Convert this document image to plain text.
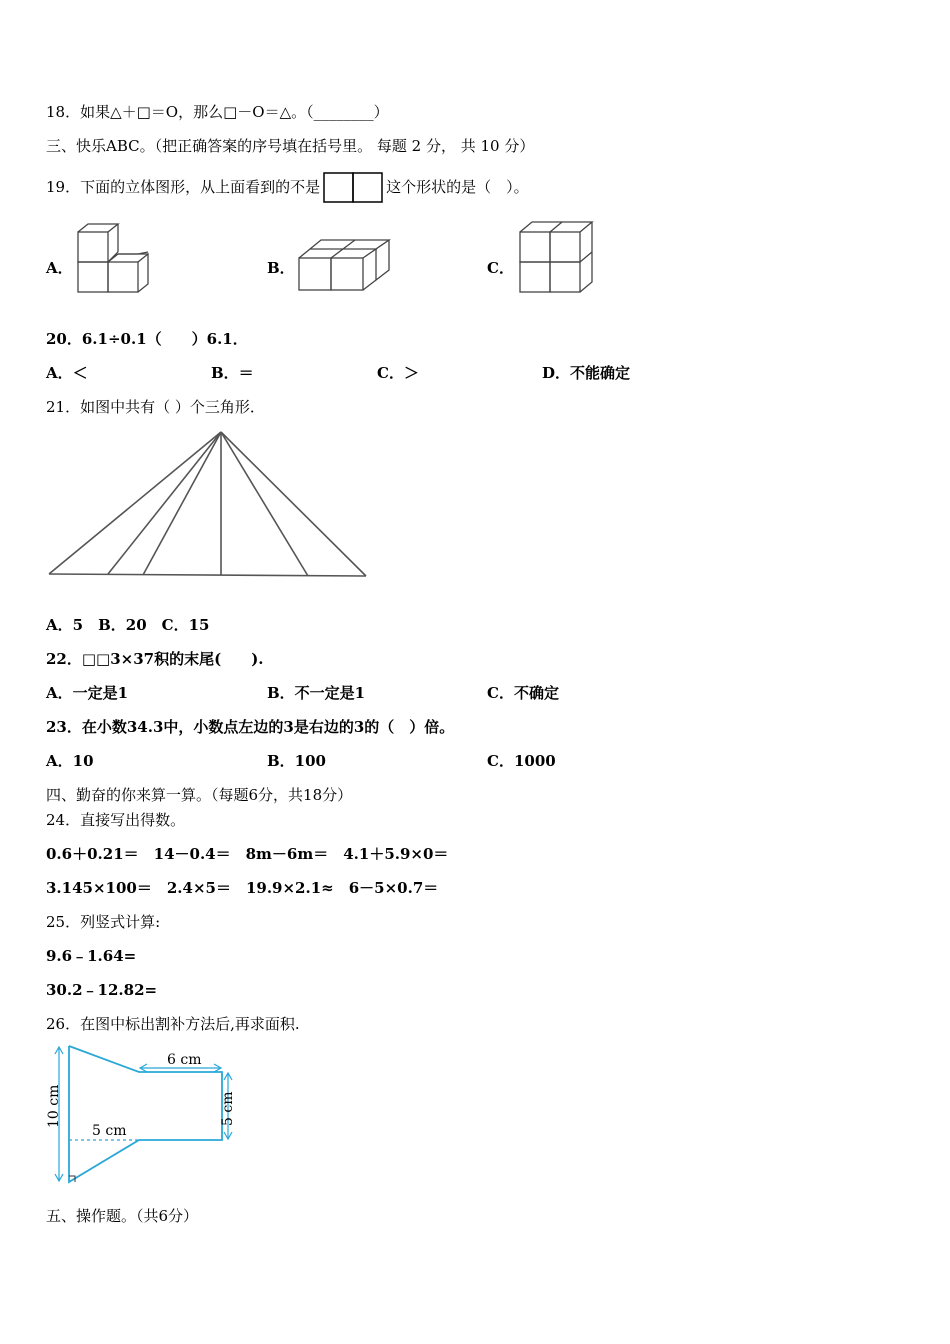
18．如果△＋□＝O，那么□－O＝△。（________）
三、快乐ABC。（把正确答案的序号填在括号里。 每题 2 分， 共 10 分）
19．下面的立体图形，从上面看到的不是	这个形状的是（　）。
A．	B．	C．
20．6.1÷0.1（　　）6.1．
A．＜	B．＝	C．＞	D．不能确定
21．如图中共有（ ）个三角形．
A．5　B．20　C．15
22．□□3×37积的末尾(　　).
A．一定是1	B．不一定是1	C．不确定
23．在小数34.3中，小数点左边的3是右边的3的（　）倍。
A．10	B．100	C．1000
四、勤奋的你来算一算。（每题6分，共18分）
24．直接写出得数。
0.6＋0.21＝　14－0.4＝　8m－6m＝　4.1＋5.9×0＝
3.145×100＝　2.4×5＝　19.9×2.1≈　6－5×0.7＝
25．列竖式计算:
9.6﹣1.64=
30.2﹣12.82=
26．在图中标出割补方法后,再求面积.
6 cm
5 cm
5 cm
10 cm
五、操作题。（共6分）
